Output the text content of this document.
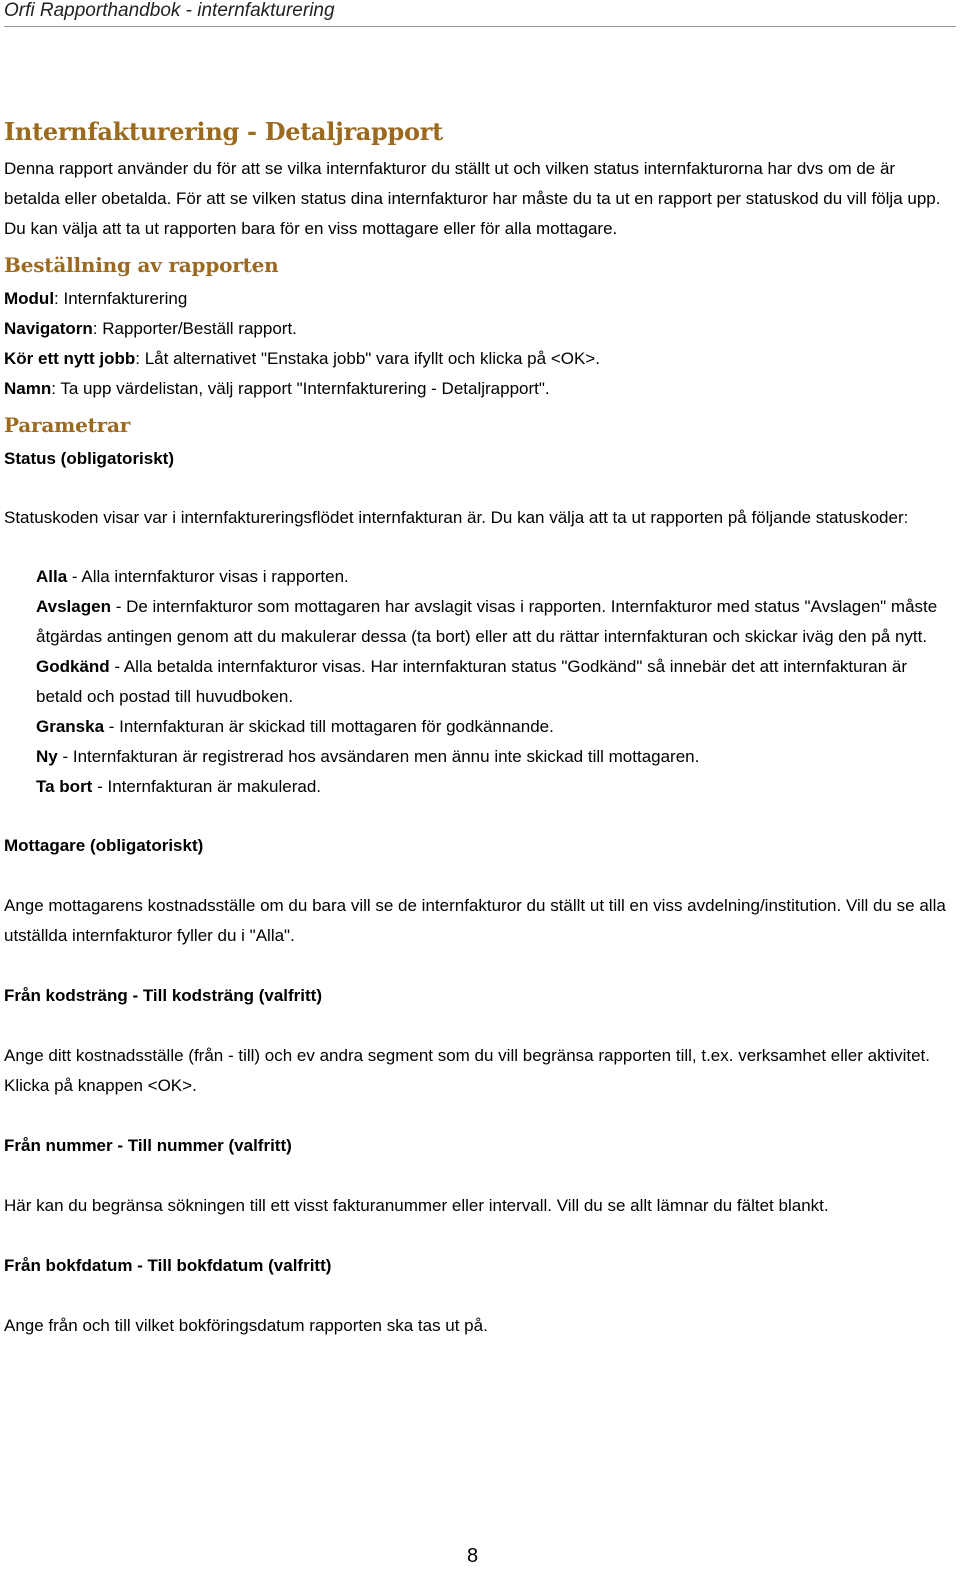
Orfi Rapporthandbok - internfakturering
Internfakturering - Detaljrapport

Denna rapport använder du för att se vilka internfakturor du ställt ut och vilken status internfakturorna har dvs om de är betalda eller obetalda. För att se vilken status dina internfakturor har måste du ta ut en rapport per statuskod du vill följa upp. Du kan välja att ta ut rapporten bara för en viss mottagare eller för alla mottagare.

Beställning av rapporten
Modul: Internfakturering
Navigatorn: Rapporter/Beställ rapport.
Kör ett nytt jobb: Låt alternativet "Enstaka jobb" vara ifyllt och klicka på <OK>.
Namn: Ta upp värdelistan, välj rapport "Internfakturering - Detaljrapport".
Parametrar
Status (obligatoriskt)

Statuskoden visar var i internfaktureringsflödet internfakturan är. Du kan välja att ta ut rapporten på följande statuskoder:

Alla - Alla internfakturor visas i rapporten.

Avslagen - De internfakturor som mottagaren har avslagit visas i rapporten. Internfakturor med status "Avslagen" måste åtgärdas antingen genom att du makulerar dessa (ta bort) eller att du rättar internfakturan och skickar iväg den på nytt.

Godkänd - Alla betalda internfakturor visas. Har internfakturan status "Godkänd" så innebär det att internfakturan är betald och postad till huvudboken.

Granska - Internfakturan är skickad till mottagaren för godkännande.

Ny - Internfakturan är registrerad hos avsändaren men ännu inte skickad till mottagaren.

Ta bort - Internfakturan är makulerad.

Mottagare (obligatoriskt)

Ange mottagarens kostnadsställe om du bara vill se de internfakturor du ställt ut till en viss avdelning/institution. Vill du se alla utställda internfakturor fyller du i "Alla".

Från kodsträng - Till kodsträng (valfritt)

Ange ditt kostnadsställe (från - till) och ev andra segment som du vill begränsa rapporten till, t.ex. verksamhet eller aktivitet. Klicka på knappen <OK>.

Från nummer - Till nummer (valfritt)

Här kan du begränsa sökningen till ett visst fakturanummer eller intervall. Vill du se allt lämnar du fältet blankt.

Från bokfdatum - Till bokfdatum (valfritt)

Ange från och till vilket bokföringsdatum rapporten ska tas ut på.

8
